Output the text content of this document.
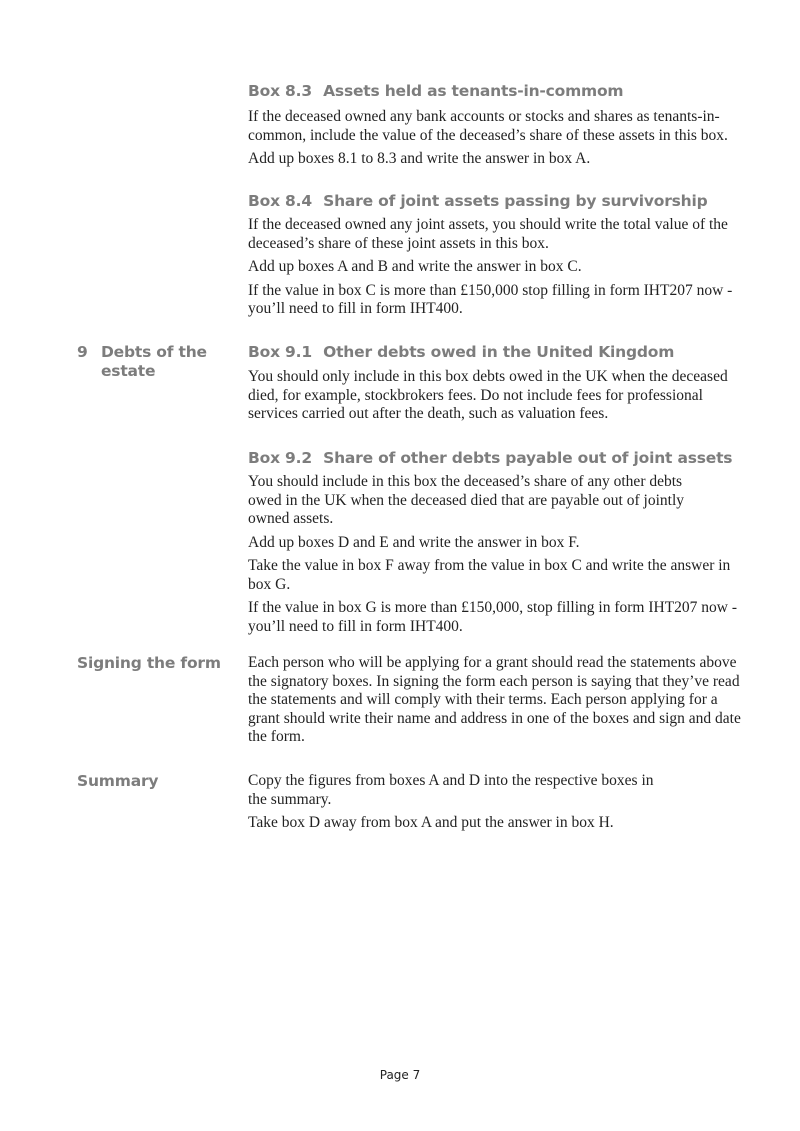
Box 8.3 Assets held as tenants-in-commom

If the deceased owned any bank accounts or stocks and shares as tenants-in-common, include the value of the deceased’s share of these assets in this box.

Add up boxes 8.1 to 8.3 and write the answer in box A.

Box 8.4 Share of joint assets passing by survivorship

If the deceased owned any joint assets, you should write the total value of the deceased’s share of these joint assets in this box.

Add up boxes A and B and write the answer in box C.

If the value in box C is more than £150,000 stop filling in form IHT207 now - you’ll need to fill in form IHT400.

9 Debts of the
estate
Box 9.1 Other debts owed in the United Kingdom

You should only include in this box debts owed in the UK when the deceased died, for example, stockbrokers fees. Do not include fees for professional services carried out after the death, such as valuation fees.

Box 9.2 Share of other debts payable out of joint assets

You should include in this box the deceased’s share of any other debts owed in the UK when the deceased died that are payable out of jointly owned assets.

Add up boxes D and E and write the answer in box F.

Take the value in box F away from the value in box C and write the answer in box G.

If the value in box G is more than £150,000, stop filling in form IHT207 now - you’ll need to fill in form IHT400.

Signing the form Each person who will be applying for a grant should read the statements above the signatory boxes. In signing the form each person is saying that they’ve read the statements and will comply with their terms. Each person applying for a grant should write their name and address in one of the boxes and sign and date the form.

Summary	Copy the figures from boxes A and D into the respective boxes in the summary.

Take box D away from box A and put the answer in box H.

Page 7
